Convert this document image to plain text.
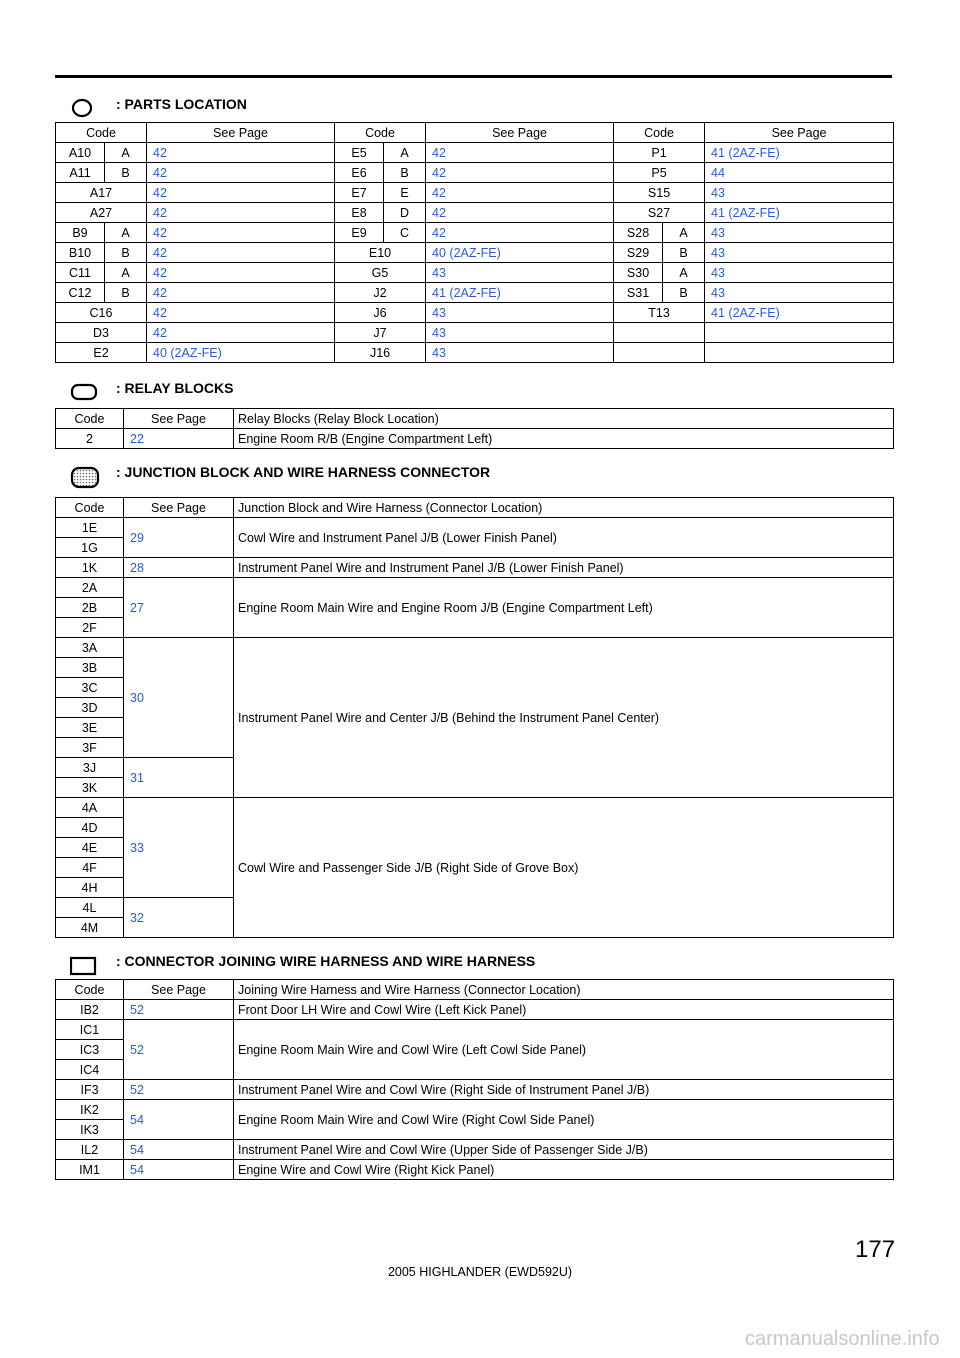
: PARTS LOCATION
Code		See Page	Code		See Page	Code		See Page
A10	A	42	E5	A	42	P1		41 (2AZ-FE)
A11	B	42	E6	B	42	P5		44
A17		42	E7	E	42	S15		43
A27		42	E8	D	42	S27		41 (2AZ-FE)
B9	A	42	E9	C	42	S28	A	43
B10	B	42	E10		40 (2AZ-FE)	S29	B	43
C11	A	42	G5		43	S30	A	43
C12	B	42	J2		41 (2AZ-FE)	S31	B	43
C16		42	J6		43	T13		41 (2AZ-FE)
D3		42	J7		43			
E2		40 (2AZ-FE)	J16		43			
: RELAY BLOCKS
Code	See Page	Relay Blocks (Relay Block Location)
2	22	Engine Room R/B (Engine Compartment Left)
: JUNCTION BLOCK AND WIRE HARNESS CONNECTOR
Code	See Page	Junction Block and Wire Harness (Connector Location)
1E	29	Cowl Wire and Instrument Panel J/B (Lower Finish Panel)
1G		
1K	28	Instrument Panel Wire and Instrument Panel J/B (Lower Finish Panel)
2A	27	Engine Room Main Wire and Engine Room J/B (Engine Compartment Left)
2B		
2F		
3A	30	Instrument Panel Wire and Center J/B (Behind the Instrument Panel Center)
3B		
3C		
3D		
3E		
3F		
3J	31	
3K		
4A	33	Cowl Wire and Passenger Side J/B (Right Side of Grove Box)
4D		
4E		
4F		
4H		
4L	32	
4M		
: CONNECTOR JOINING WIRE HARNESS AND WIRE HARNESS
Code	See Page	Joining Wire Harness and Wire Harness (Connector Location)
IB2	52	Front Door LH Wire and Cowl Wire (Left Kick Panel)
IC1	52	Engine Room Main Wire and Cowl Wire (Left Cowl Side Panel)
IC3		
IC4		
IF3	52	Instrument Panel Wire and Cowl Wire (Right Side of Instrument Panel J/B)
IK2	54	Engine Room Main Wire and Cowl Wire (Right Cowl Side Panel)
IK3		
IL2	54	Instrument Panel Wire and Cowl Wire (Upper Side of Passenger Side J/B)
IM1	54	Engine Wire and Cowl Wire (Right Kick Panel)
177
2005 HIGHLANDER (EWD592U)
carmanualsonline.info
